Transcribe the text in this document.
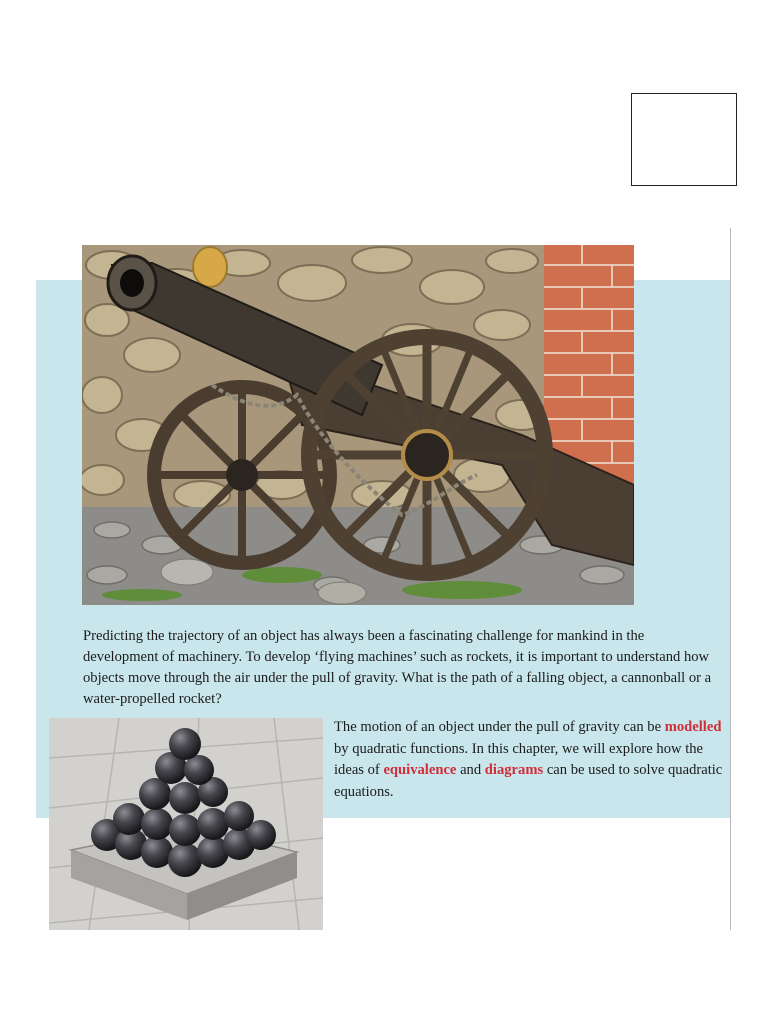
Predicting the trajectory of an object has always been a fascinating challenge for mankind in the development of machinery. To develop ‘flying machines’ such as rockets, it is important to understand how objects move through the air under the pull of gravity. What is the path of a falling object, a cannonball or a water-propelled rocket?

The motion of an object under the pull of gravity can be modelled by quadratic functions. In this chapter, we will explore how the ideas of equivalence and diagrams can be used to solve quadratic equations.
